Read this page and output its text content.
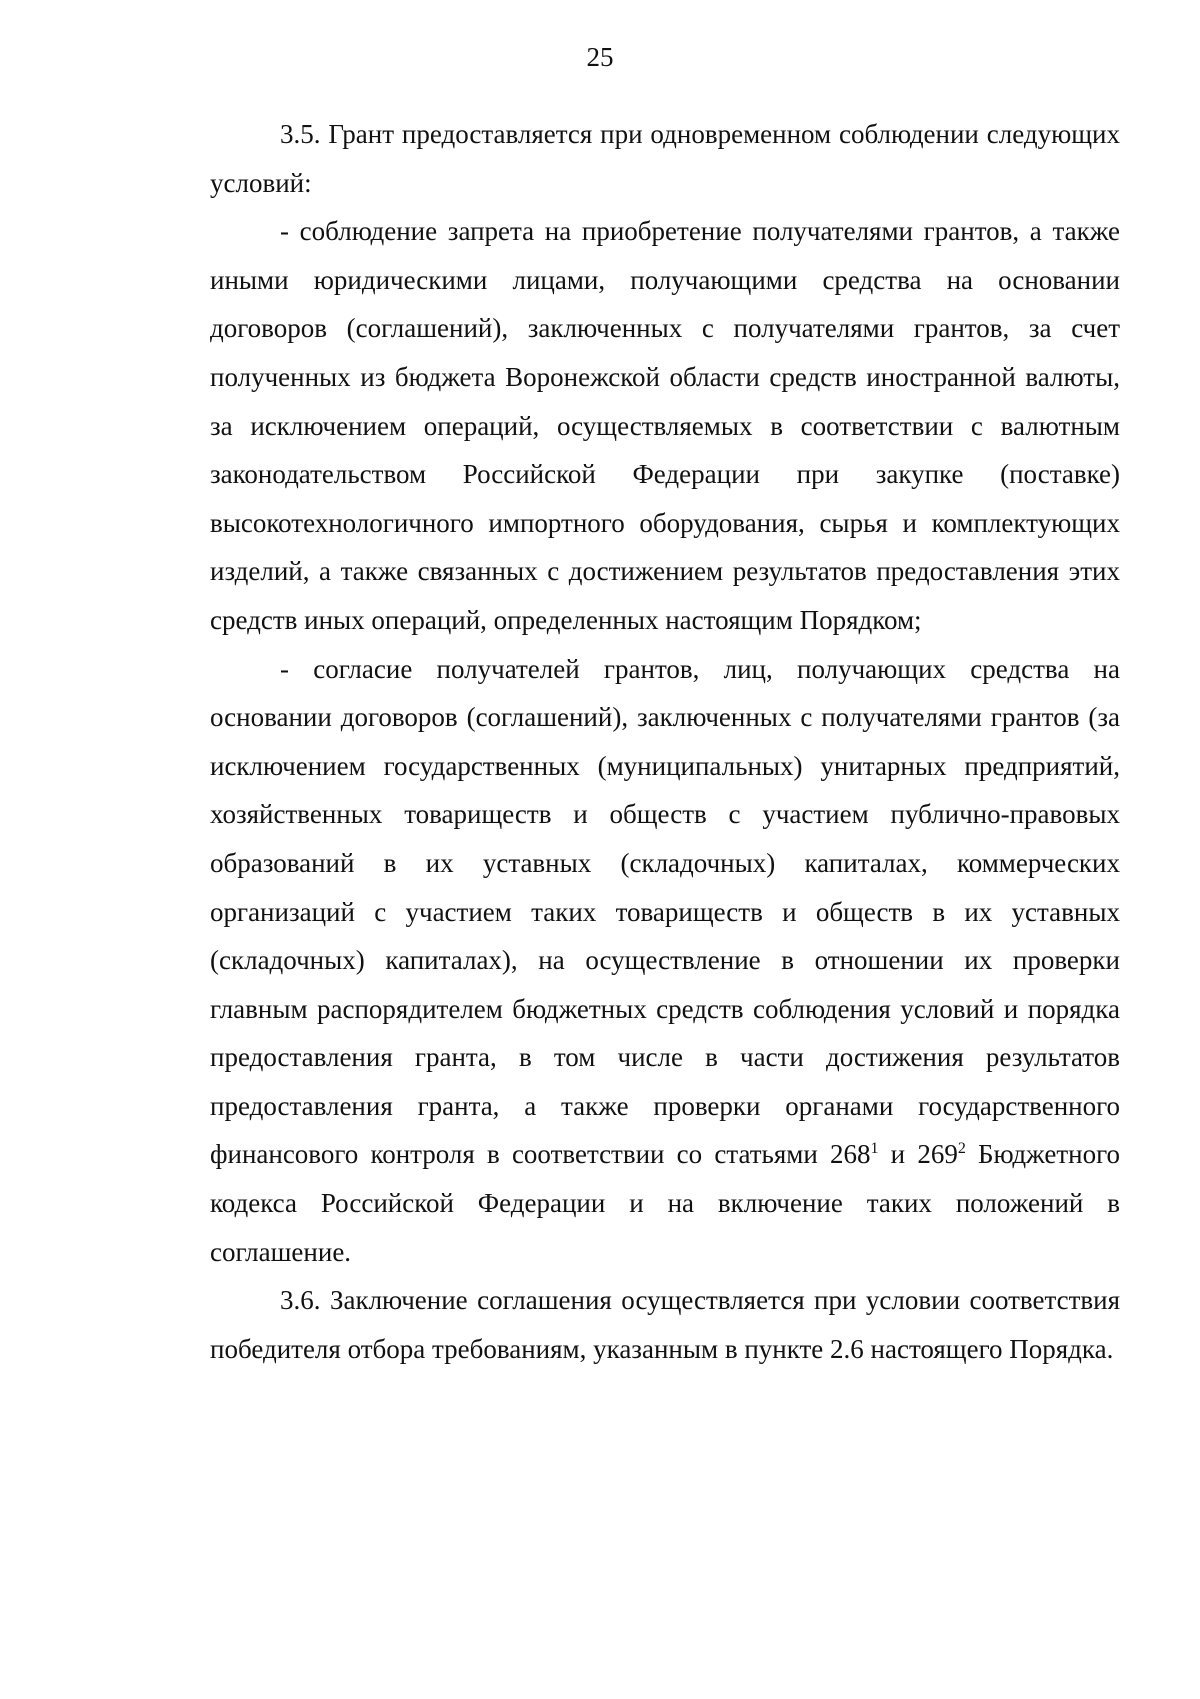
25

3.5. Грант предоставляется при одновременном соблюдении следующих условий:

- соблюдение запрета на приобретение получателями грантов, а также иными юридическими лицами, получающими средства на основании договоров (соглашений), заключенных с получателями грантов, за счет полученных из бюджета Воронежской области средств иностранной валюты, за исключением операций, осуществляемых в соответствии с валютным законодательством Российской Федерации при закупке (поставке) высокотехнологичного импортного оборудования, сырья и комплектующих изделий, а также связанных с достижением результатов предоставления этих средств иных операций, определенных настоящим Порядком;

- согласие получателей грантов, лиц, получающих средства на основании договоров (соглашений), заключенных с получателями грантов (за исключением государственных (муниципальных) унитарных предприятий, хозяйственных товариществ и обществ с участием публично-правовых образований в их уставных (складочных) капиталах, коммерческих организаций с участием таких товариществ и обществ в их уставных (складочных) капиталах), на осуществление в отношении их проверки главным распорядителем бюджетных средств соблюдения условий и порядка предоставления гранта, в том числе в части достижения результатов предоставления гранта, а также проверки органами государственного финансового контроля в соответствии со статьями $268^1$ и $269^2$ Бюджетного кодекса Российской Федерации и на включение таких положений в соглашение.

3.6. Заключение соглашения осуществляется при условии соответствия победителя отбора требованиям, указанным в пункте 2.6 настоящего Порядка.
